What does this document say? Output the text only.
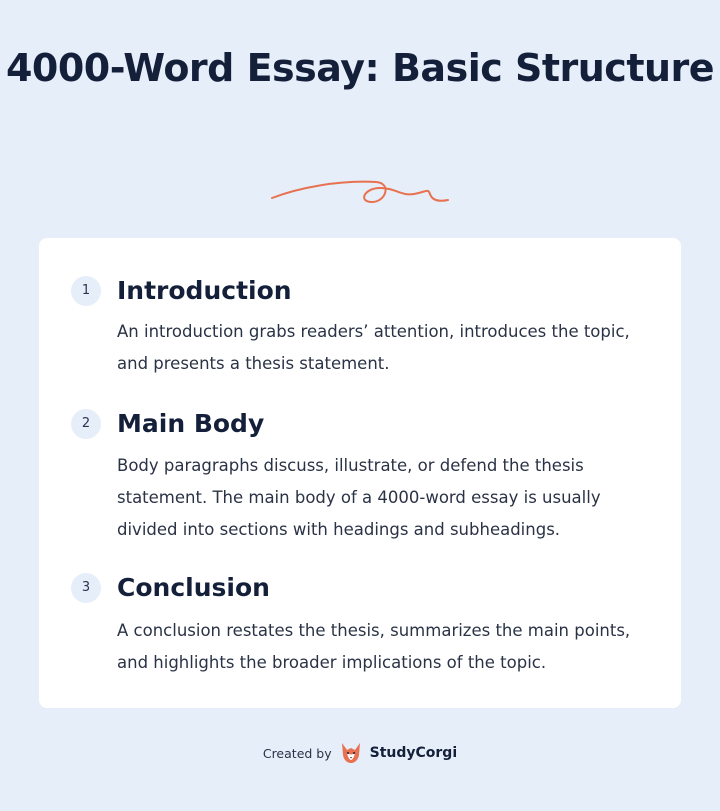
4000-Word Essay: Basic Structure
1	Introduction

An introduction grabs readers’ attention, introduces the topic, and presents a thesis statement.

2	Main Body

Body paragraphs discuss, illustrate, or defend the thesis statement. The main body of a 4000-word essay is usually divided into sections with headings and subheadings.

3	Conclusion

A conclusion restates the thesis, summarizes the main points, and highlights the broader implications of the topic.

Created by	StudyCorgi
